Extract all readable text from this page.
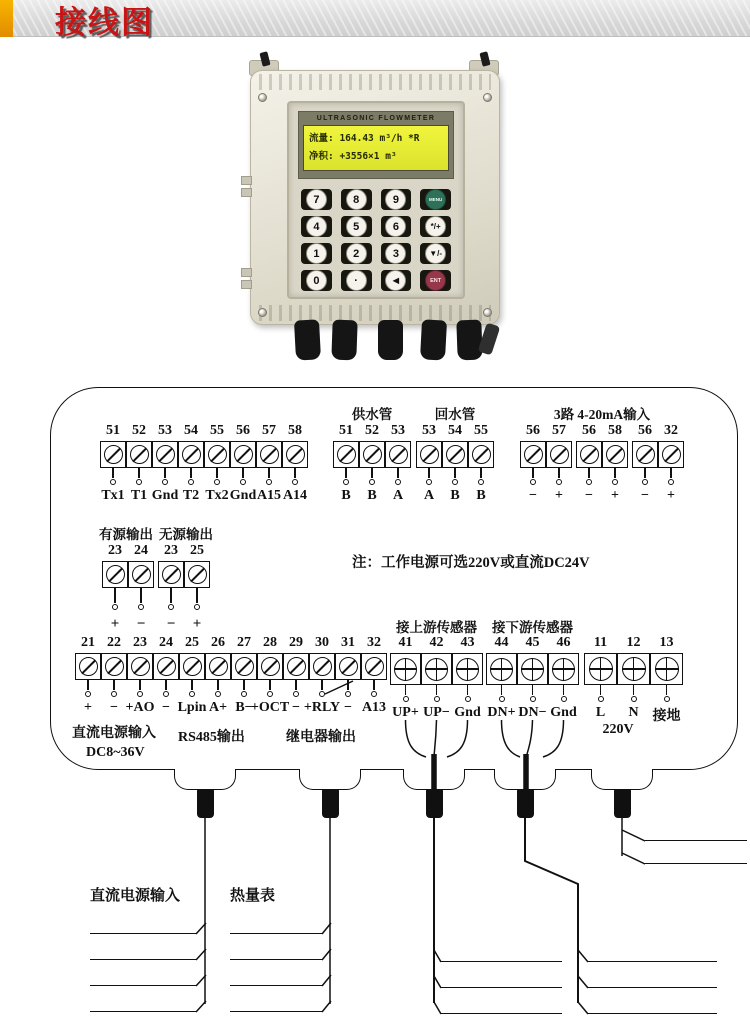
接线图
ULTRASONIC FLOWMETER
流量: 164.43 m³/h *R
净积: +3556×1 m³
7	8	9	MENU
4	5	6	*/+
1	2	3	▼/-
0	·	◄	ENT
供水管	回水管	3路 4-20mA输入
有源输出 无源输出
接上游传感器	接下游传感器
注：工作电源可选220V或直流DC24V
51
Tx1
52
T1
53
Gnd
54
T2
55
Tx2
56
Gnd
57
A15
58
A14
51
B
52
B
53
A
53
A
54
B
55
B
56
−
57
+
56
−
58
+
56
−
32
+
23
+
24
−
23
−
25
+
21
+
22
−
23
+AO
24
−
25
Lpin
26
A+
27
B−
28
+OCT
29
−
30
+RLY
31
−
32
A13
41
UP+
42
UP−
43
Gnd
44
DN+
45
DN−
46
Gnd
11
L
12
N
13
接地
直流电源输入
DC8~36V
RS485输出	继电器输出
220V
直流电源输入	热量表
